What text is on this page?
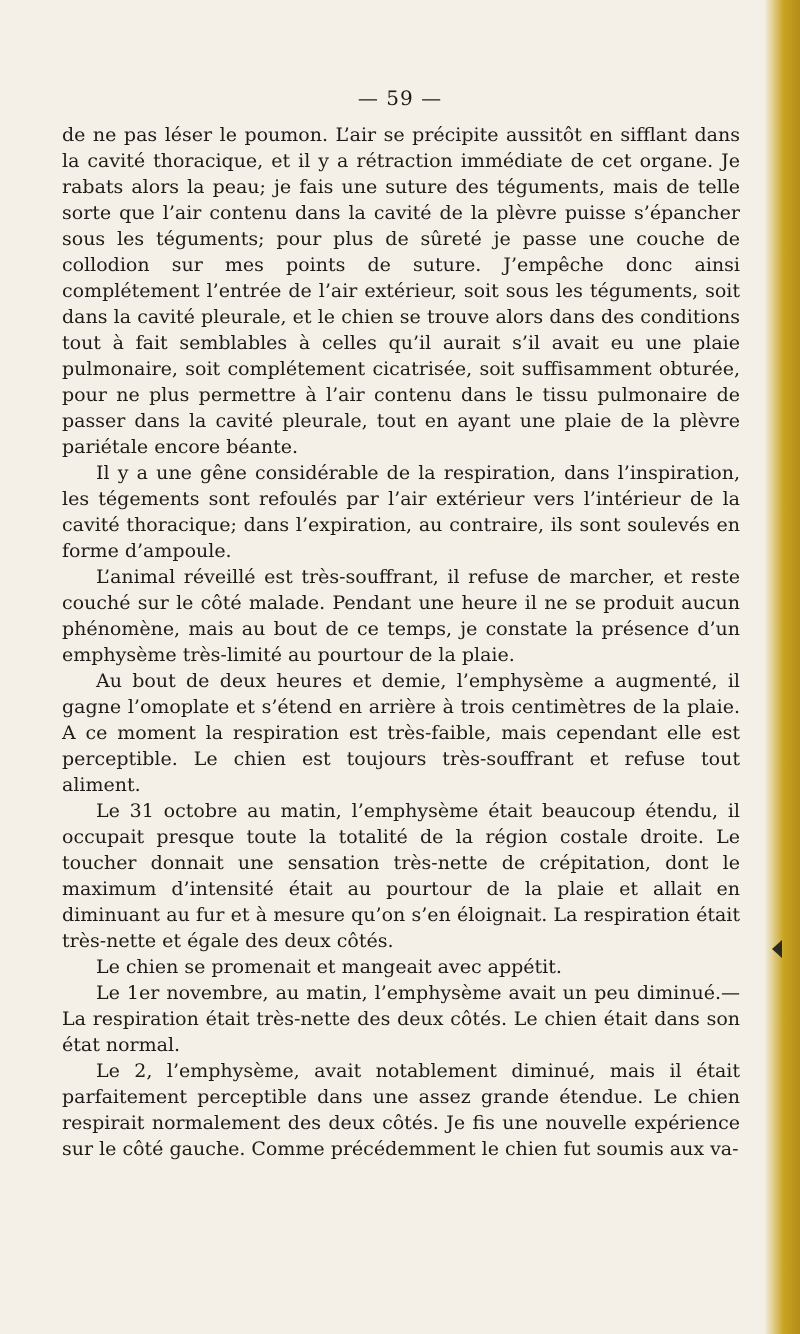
— 59 —

de ne pas léser le poumon. L’air se précipite aussitôt en sifflant dans la cavité thoracique, et il y a rétraction immédiate de cet organe. Je rabats alors la peau; je fais une suture des téguments, mais de telle sorte que l’air contenu dans la cavité de la plèvre puisse s’épancher sous les téguments; pour plus de sûreté je passe une couche de collodion sur mes points de suture. J’empêche donc ainsi complétement l’entrée de l’air extérieur, soit sous les téguments, soit dans la cavité pleurale, et le chien se trouve alors dans des conditions tout à fait semblables à celles qu’il aurait s’il avait eu une plaie pulmonaire, soit complétement cicatrisée, soit suffisamment obturée, pour ne plus permettre à l’air contenu dans le tissu pulmonaire de passer dans la cavité pleurale, tout en ayant une plaie de la plèvre pariétale encore béante.

Il y a une gêne considérable de la respiration, dans l’inspiration, les tégements sont refoulés par l’air extérieur vers l’intérieur de la cavité thoracique; dans l’expiration, au contraire, ils sont soulevés en forme d’ampoule.

L’animal réveillé est très-souffrant, il refuse de marcher, et reste couché sur le côté malade. Pendant une heure il ne se produit aucun phénomène, mais au bout de ce temps, je constate la présence d’un emphysème très-limité au pourtour de la plaie.

Au bout de deux heures et demie, l’emphysème a augmenté, il gagne l’omoplate et s’étend en arrière à trois centimètres de la plaie. A ce moment la respiration est très-faible, mais cependant elle est perceptible. Le chien est toujours très-souffrant et refuse tout aliment.

Le 31 octobre au matin, l’emphysème était beaucoup étendu, il occupait presque toute la totalité de la région costale droite. Le toucher donnait une sensation très-nette de crépitation, dont le maximum d’intensité était au pourtour de la plaie et allait en diminuant au fur et à mesure qu’on s’en éloignait. La respiration était très-nette et égale des deux côtés.

Le chien se promenait et mangeait avec appétit.

Le 1er novembre, au matin, l’emphysème avait un peu diminué.— La respiration était très-nette des deux côtés. Le chien était dans son état normal.

Le 2, l’emphysème, avait notablement diminué, mais il était parfaitement perceptible dans une assez grande étendue. Le chien respirait normalement des deux côtés. Je fis une nouvelle expérience sur le côté gauche. Comme précédemment le chien fut soumis aux va-
